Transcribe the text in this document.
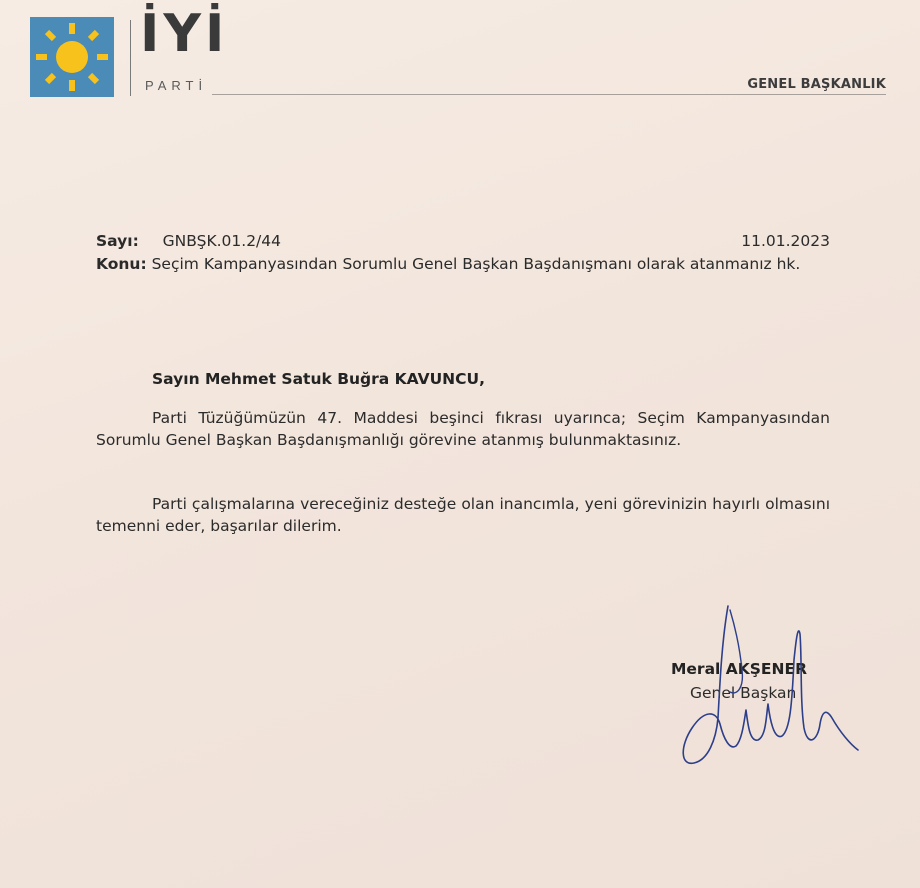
İYİ
PARTİ	GENEL BAŞKANLIK
Sayı: GNBŞK.01.2/44	11.01.2023
Konu: Seçim Kampanyasından Sorumlu Genel Başkan Başdanışmanı olarak atanmanız hk.
Sayın Mehmet Satuk Buğra KAVUNCU,
Parti Tüzüğümüzün 47. Maddesi beşinci fıkrası uyarınca; Seçim Kampanyasından Sorumlu Genel Başkan Başdanışmanlığı görevine atanmış bulunmaktasınız.
Parti çalışmalarına vereceğiniz desteğe olan inancımla, yeni görevinizin hayırlı olmasını temenni eder, başarılar dilerim.
Meral AKŞENER
Genel Başkan
